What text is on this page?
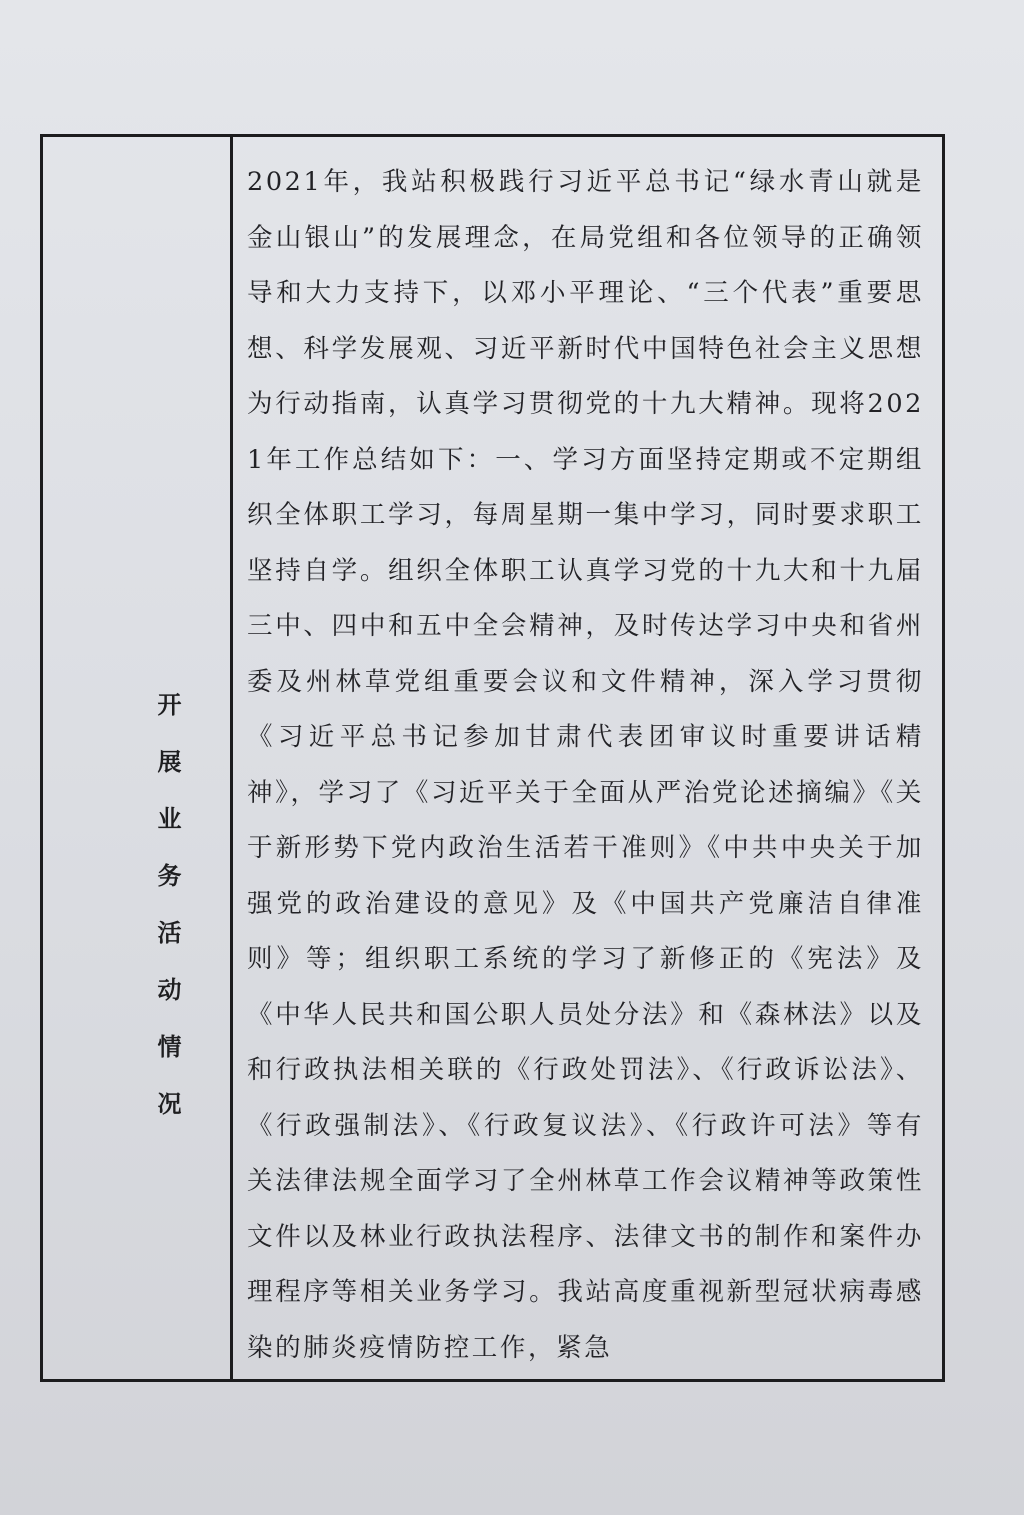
开展业务活动情况

2021年，我站积极践行习近平总书记“绿水青山就是金山银山”的发展理念，在局党组和各位领导的正确领导和大力支持下，以邓小平理论、“三个代表”重要思想、科学发展观、习近平新时代中国特色社会主义思想为行动指南，认真学习贯彻党的十九大精神。现将2021年工作总结如下：一、学习方面坚持定期或不定期组织全体职工学习，每周星期一集中学习，同时要求职工坚持自学。组织全体职工认真学习党的十九大和十九届三中、四中和五中全会精神，及时传达学习中央和省州委及州林草党组重要会议和文件精神，深入学习贯彻《习近平总书记参加甘肃代表团审议时重要讲话精神》，学习了《习近平关于全面从严治党论述摘编》《关于新形势下党内政治生活若干准则》《中共中央关于加强党的政治建设的意见》及《中国共产党廉洁自律准则》等；组织职工系统的学习了新修正的《宪法》及《中华人民共和国公职人员处分法》和《森林法》以及和行政执法相关联的《行政处罚法》、《行政诉讼法》、《行政强制法》、《行政复议法》、《行政许可法》等有关法律法规全面学习了全州林草工作会议精神等政策性文件以及林业行政执法程序、法律文书的制作和案件办理程序等相关业务学习。我站高度重视新型冠状病毒感染的肺炎疫情防控工作，紧急
